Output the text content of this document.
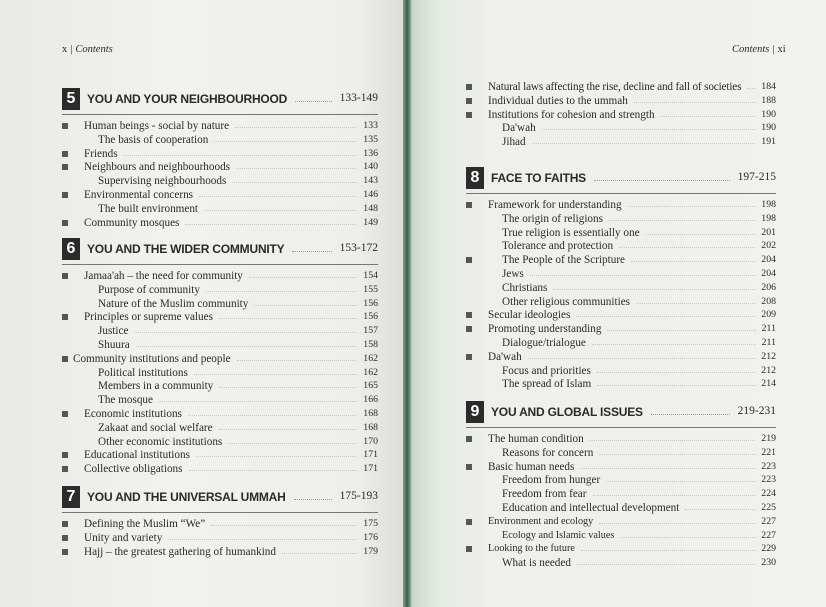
x | Contents
5 YOU AND YOUR NEIGHBOURHOOD	133-149
Human beings - social by nature	133
The basis of cooperation	135
Friends	136
Neighbours and neighbourhoods	140
Supervising neighbourhoods	143
Environmental concerns	146
The built environment	148
Community mosques	149
6 YOU AND THE WIDER COMMUNITY	153-172
Jamaa'ah – the need for community	154
Purpose of community	155
Nature of the Muslim community	156
Principles or supreme values	156
Justice	157
Shuura	158
Community institutions and people	162
Political institutions	162
Members in a community	165
The mosque	166
Economic institutions	168
Zakaat and social welfare	168
Other economic institutions	170
Educational institutions	171
Collective obligations	171
7 YOU AND THE UNIVERSAL UMMAH	175-193
Defining the Muslim “We”	175
Unity and variety	176
Hajj – the greatest gathering of humankind	179
Contents | xi
Natural laws affecting the rise, decline and fall of societies 184
Individual duties to the ummah	188
Institutions for cohesion and strength	190
Da'wah	190
Jihad	191
8 FACE TO FAITHS	197-215
Framework for understanding	198
The origin of religions	198
True religion is essentially one	201
Tolerance and protection	202
The People of the Scripture	204
Jews	204
Christians	206
Other religious communities	208
Secular ideologies	209
Promoting understanding	211
Dialogue/trialogue	211
Da'wah	212
Focus and priorities	212
The spread of Islam	214
9 YOU AND GLOBAL ISSUES	219-231
The human condition	219
Reasons for concern	221
Basic human needs	223
Freedom from hunger	223
Freedom from fear	224
Education and intellectual development	225
Environment and ecology	227
Ecology and Islamic values	227
Looking to the future	229
What is needed	230
